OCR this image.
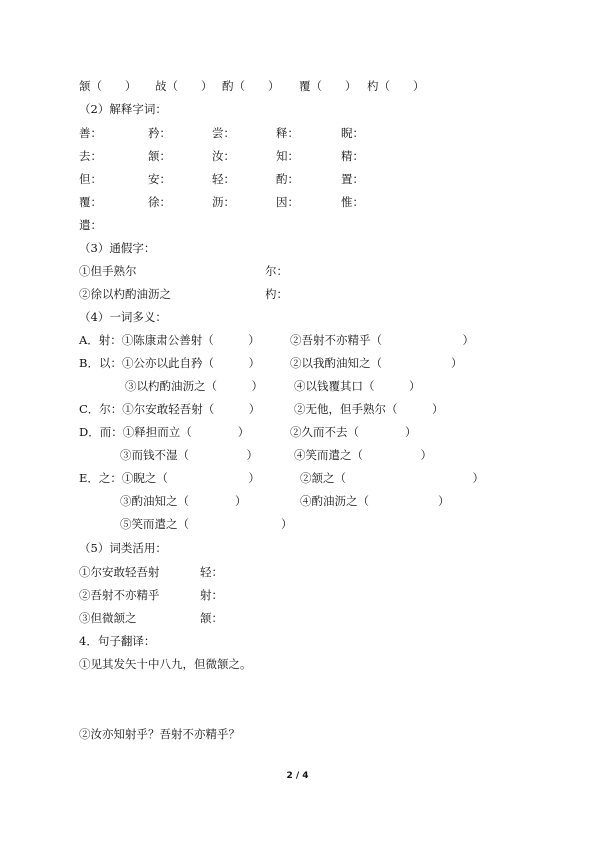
颔（　　） 敁（　　） 酌（　　） 覆（　　） 杓（　　）
（2）解释字词：
善：	矜：	尝：	释：	睨：
去：	颔：	汝：	知：	精：
但：	安：	轻：	酌：	置：
覆：	徐：	沥：	因：	惟：
遣：
（3）通假字：
①但手熟尔	尔：
②徐以杓酌油沥之	杓：
（4）一词多义：
A．射：①陈康肃公善射（　　　）	②吾射不亦精乎（　　　　　　　）
B．以：①公亦以此自矜（　　　）	②以我酌油知之（　　　　　　）
③以杓酌油沥之（　　　）	④以钱覆其口（　　　）
C．尔：①尔安敢轻吾射（　　　）	②无他，但手熟尔（　　　）
D．而：①释担而立（　　　　）	②久而不去（　　　　）
③而钱不湿（　　　　　）	④笑而遣之（　　　　　）
E．之：①睨之（　　　　　　　）	②颔之（　　　　　　　　　　　）
③酌油知之（　　　　）	④酌油沥之（　　　　　　）
⑤笑而遣之（　　　　　　　　）
（5）词类活用：
①尔安敢轻吾射	轻：
②吾射不亦精乎	射：
③但微颔之	颔：
4．句子翻译：
①见其发矢十中八九，但微颔之。
②汝亦知射乎？吾射不亦精乎？
2 / 4
